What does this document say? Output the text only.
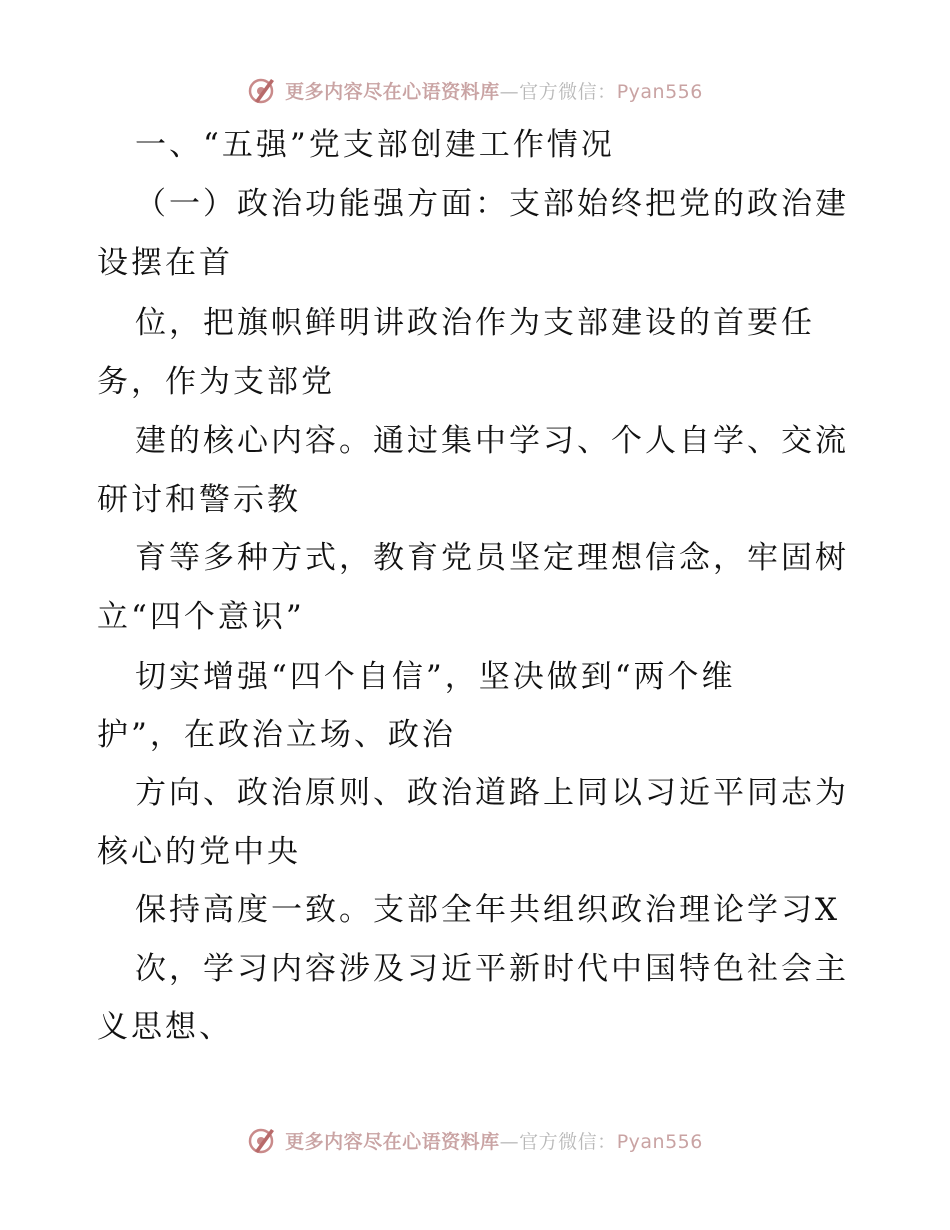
更多内容尽在心语资料库—官方微信：Pyan556
一、“五强”党支部创建工作情况
（一）政治功能强方面：支部始终把党的政治建
设摆在首
位，把旗帜鲜明讲政治作为支部建设的首要任
务，作为支部党
建的核心内容。通过集中学习、个人自学、交流
研讨和警示教
育等多种方式，教育党员坚定理想信念，牢固树
立“四个意识”
切实增强“四个自信”，坚决做到“两个维
护”，在政治立场、政治
方向、政治原则、政治道路上同以习近平同志为
核心的党中央
保持高度一致。支部全年共组织政治理论学习X
次，学习内容涉及习近平新时代中国特色社会主
义思想、
更多内容尽在心语资料库—官方微信：Pyan556
